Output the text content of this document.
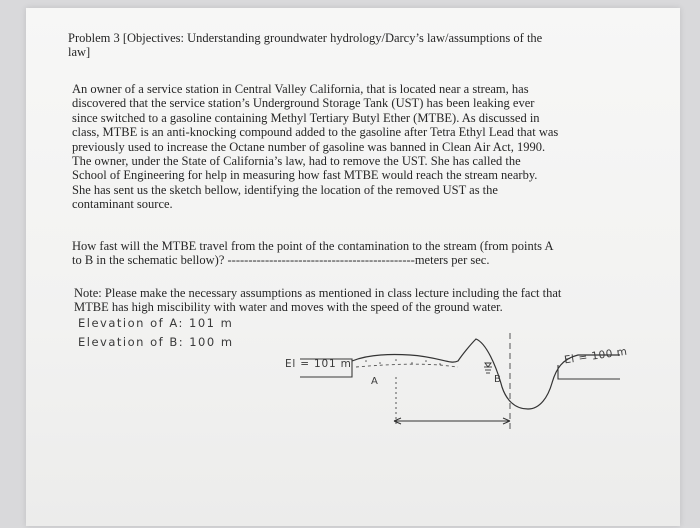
Problem 3 [Objectives: Understanding groundwater hydrology/Darcy’s law/assumptions of the
law]
An owner of a service station in Central Valley California, that is located near a stream, has
discovered that the service station’s Underground Storage Tank (UST) has been leaking ever
since switched to a gasoline containing Methyl Tertiary Butyl Ether (MTBE). As discussed in
class, MTBE is an anti-knocking compound added to the gasoline after Tetra Ethyl Lead that was
previously used to increase the Octane number of gasoline was banned in Clean Air Act, 1990.
The owner, under the State of California’s law, had to remove the UST. She has called the
School of Engineering for help in measuring how fast MTBE would reach the stream nearby.
She has sent us the sketch bellow, identifying the location of the removed UST as the
contaminant source.
How fast will the MTBE travel from the point of the contamination to the stream (from points A
to B in the schematic bellow)? ---------------------------------------------meters per sec.
Note: Please make the necessary assumptions as mentioned in class lecture including the fact that
MTBE has high miscibility with water and moves with the speed of the ground water.
Elevation of A: 101 m
Elevation of B: 100 m
El = 101 m	El = 100 m
A	B
